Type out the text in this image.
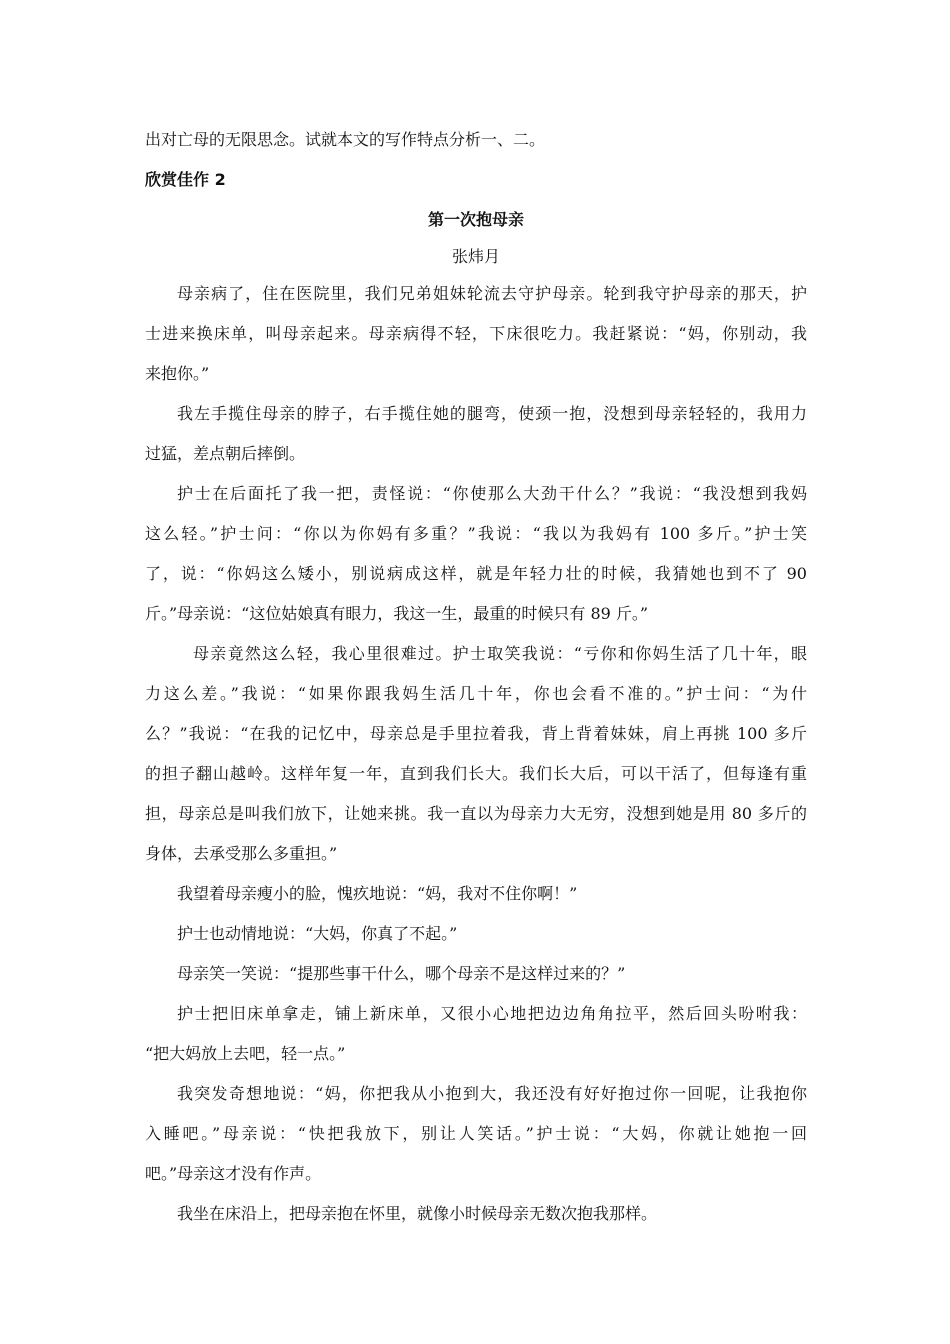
出对亡母的无限思念。试就本文的写作特点分析一、二。
欣赏佳作 2
第一次抱母亲
张炜月
母亲病了，住在医院里，我们兄弟姐妹轮流去守护母亲。轮到我守护母亲的那天，护
士进来换床单，叫母亲起来。母亲病得不轻，下床很吃力。我赶紧说：“妈，你别动，我
来抱你。”
我左手揽住母亲的脖子，右手揽住她的腿弯，使颈一抱，没想到母亲轻轻的，我用力
过猛，差点朝后摔倒。
护士在后面托了我一把，责怪说：“你使那么大劲干什么？”我说：“我没想到我妈
这么轻。”护士问：“你以为你妈有多重？”我说：“我以为我妈有 100 多斤。”护士笑
了，说：“你妈这么矮小，别说病成这样，就是年轻力壮的时候，我猜她也到不了 90
斤。”母亲说：“这位姑娘真有眼力，我这一生，最重的时候只有 89 斤。”
母亲竟然这么轻，我心里很难过。护士取笑我说：“亏你和你妈生活了几十年，眼
力这么差。”我说：“如果你跟我妈生活几十年，你也会看不准的。”护士问：“为什
么？”我说：“在我的记忆中，母亲总是手里拉着我，背上背着妹妹，肩上再挑 100 多斤
的担子翻山越岭。这样年复一年，直到我们长大。我们长大后，可以干活了，但每逢有重
担，母亲总是叫我们放下，让她来挑。我一直以为母亲力大无穷，没想到她是用 80 多斤的
身体，去承受那么多重担。”
我望着母亲瘦小的脸，愧疚地说：“妈，我对不住你啊！”
护士也动情地说：“大妈，你真了不起。”
母亲笑一笑说：“提那些事干什么，哪个母亲不是这样过来的？”
护士把旧床单拿走，铺上新床单，又很小心地把边边角角拉平，然后回头吩咐我：
“把大妈放上去吧，轻一点。”
我突发奇想地说：“妈，你把我从小抱到大，我还没有好好抱过你一回呢，让我抱你
入睡吧。”母亲说：“快把我放下，别让人笑话。”护士说：“大妈，你就让她抱一回
吧。”母亲这才没有作声。
我坐在床沿上，把母亲抱在怀里，就像小时候母亲无数次抱我那样。
